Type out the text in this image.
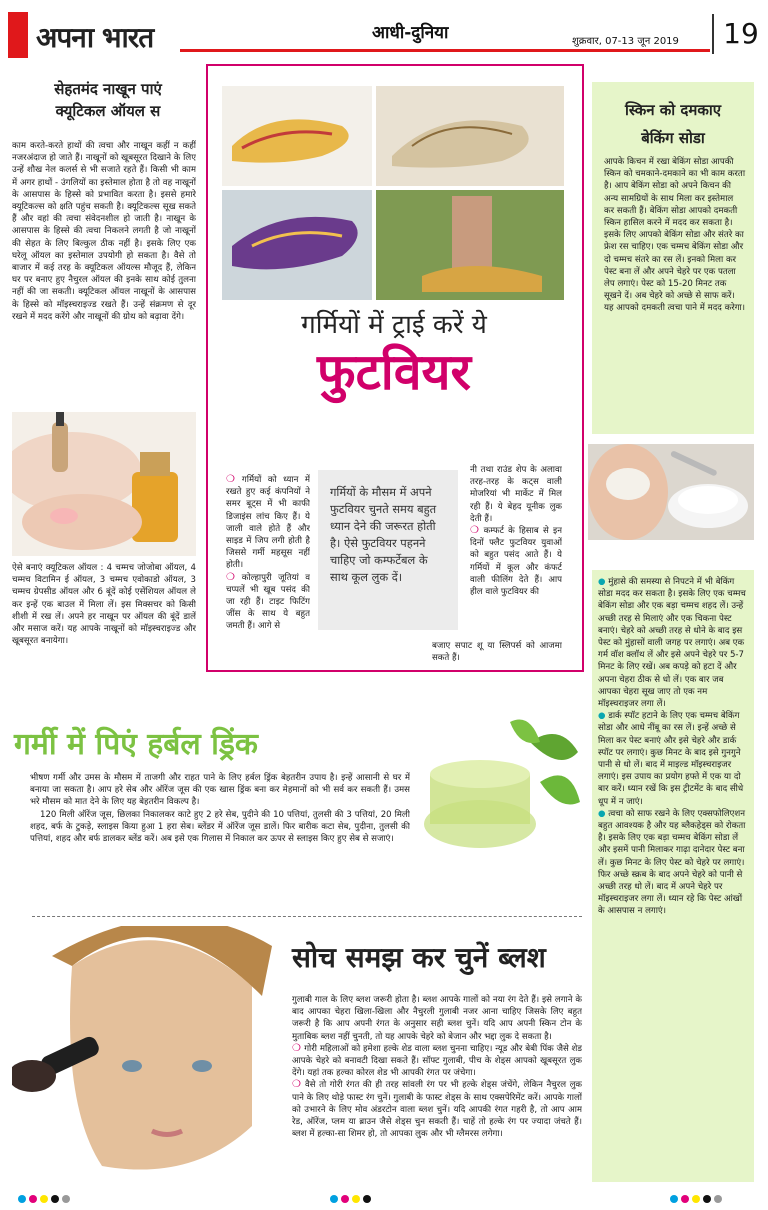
अपना भारत	आधी-दुनिया	शुक्रवार, 07-13 जून 2019	19
सेहतमंद नाखून पाएं
क्यूटिकल ऑयल स
काम करते-करते हाथों की त्वचा और नाखून कहीं न कहीं नजरअंदाज हो जाते हैं। नाखूनों को खूबसूरत दिखाने के लिए उन्हें शौख नेल कलर्स से भी सजाते रहते हैं। किसी भी काम में अगर हाथों - उंगलियों का इस्तेमाल होता है तो वह नाखूनों के आसपास के हिस्से को प्रभावित करता है। इससे हमारे क्यूटिकल्स को क्षति पहुंच सकती है। क्यूटिकल्स सूख सकते हैं और वहां की त्वचा संवेदनशील हो जाती है। नाखून के आसपास के हिस्से की त्वचा निकलने लगती है जो नाखूनों की सेहत के लिए बिल्कुल ठीक नहीं है। इसके लिए एक घरेलू ऑयल का इस्तेमाल उपयोगी हो सकता है। वैसे तो बाजार में कई तरह के क्यूटिकल ऑयल्स मौजूद हैं, लेकिन घर पर बनाए हुए नैचुरल ऑयल की इनके साथ कोई तुलना नहीं की जा सकती। क्यूटिकल ऑयल नाखूनों के आसपास के हिस्से को मॉइस्चराइज्ड रखते हैं। उन्हें संक्रमण से दूर रखने में मदद करेंगे और नाखूनों की ग्रोथ को बढ़ावा देंगे।
ऐसे बनाएं क्यूटिकल ऑयल : 4 चम्मच जोजोबा ऑयल, 4 चम्मच विटामिन ई ऑयल, 3 चम्मच एवोकाडो ऑयल, 3 चम्मच ग्रेपसीड ऑयल और 6 बूंदें कोई एसेंशियल ऑयल ले कर इन्हें एक बाउल में मिला लें। इस मिक्सचर को किसी शीशी में रख लें। अपने हर नाखून पर ऑयल की बूंदें डालें और मसाज करें। यह आपके नाखूनों को मॉइस्चराइज्ड और खूबसूरत बनायेगा।
गर्मियों में ट्राई करें ये
फुटवियर

❍ गर्मियों को ध्यान में रखते हुए कई कंपनियों ने समर बूट्स में भी काफी डिजाइंस लांच किए हैं। ये जाली वाले होते हैं और साइड में जिप लगी होती है जिससे गर्मी महसूस नहीं होती।

❍ कोल्हापुरी जूतियां व चप्पलें भी खूब पसंद की जा रही हैं। टाइट फिटिंग जींस के साथ ये बहुत जमती हैं। आगे से

गर्मियों के मौसम में अपने फुटवियर चुनते समय बहुत ध्यान देने की जरूरत होती है। ऐसे फुटवियर पहनने चाहिए जो कम्फर्टेबल के साथ कूल लुक दें।
बजाए सपाट शू या स्लिपर्स को आजमा सकते हैं।

नी तथा राउंड शेप के अलावा तरह-तरह के कट्स वाली मोजरियां भी मार्केट में मिल रही हैं। ये बेहद यूनीक लुक देती हैं।

❍ कम्फर्ट के हिसाब से इन दिनों फ्लैट फुटवियर युवाओं को बहुत पसंद आते हैं। ये गर्मियों में कूल और कंफर्ट वाली फीलिंग देते हैं। आप हील वाले फुटवियर की

स्किन को दमकाए
बेकिंग सोडा
आपके किचन में रखा बेकिंग सोडा आपकी स्किन को चमकाने-दमकाने का भी काम करता है। आप बेकिंग सोडा को अपने किचन की अन्य सामग्रियों के साथ मिला कर इस्तेमाल कर सकती हैं। बेकिंग सोडा आपको दमकती स्किन हासिल करने में मदद कर सकता है। इसके लिए आपको बेकिंग सोडा और संतरे का फ्रेश रस चाहिए। एक चम्मच बेकिंग सोडा और दो चम्मच संतरे का रस लें। इनको मिला कर पेस्ट बना लें और अपने चेहरे पर एक पतला लेप लगाएं। पेस्ट को 15-20 मिनट तक सूखने दें। अब चेहरे को अच्छे से साफ करें। यह आपको दमकती त्वचा पाने में मदद करेगा।

● मुंहासे की समस्या से निपटने में भी बेकिंग सोडा मदद कर सकता है। इसके लिए एक चम्मच बेकिंग सोडा और एक बड़ा चम्मच शहद लें। उन्हें अच्छी तरह से मिलाएं और एक चिकना पेस्ट बनाएं। चेहरे को अच्छी तरह से धोने के बाद इस पेस्ट को मुंहासों वाली जगह पर लगाएं। अब एक गर्म वॉश क्लॉथ लें और इसे अपने चेहरे पर 5-7 मिनट के लिए रखें। अब कपड़े को हटा दें और अपना चेहरा ठीक से धो लें। एक बार जब आपका चेहरा सूख जाए तो एक नम मॉइस्चराइजर लगा लें।

● डार्क स्पॉट हटाने के लिए एक चम्मच बेकिंग सोडा और आधे नींबू का रस लें। इन्हें अच्छे से मिला कर पेस्ट बनाएं और इसे चेहरे और डार्क स्पॉट पर लगाएं। कुछ मिनट के बाद इसे गुनगुने पानी से धो लें। बाद में माइल्ड मॉइस्चराइजर लगाएं। इस उपाय का प्रयोग हफ्ते में एक या दो बार करें। ध्यान रखें कि इस ट्रीटमेंट के बाद सीधे धूप में न जाएं।

● त्वचा को साफ रखने के लिए एक्सफोलिएशन बहुत आवश्यक है और यह ब्लैकहेड्स को रोकता है। इसके लिए एक बड़ा चम्मच बेकिंग सोडा लें और इसमें पानी मिलाकर गाढ़ा दानेदार पेस्ट बना लें। कुछ मिनट के लिए पेस्ट को चेहरे पर लगाएं। फिर अच्छे स्क्रब के बाद अपने चेहरे को पानी से अच्छी तरह धो लें। बाद में अपने चेहरे पर मॉइस्चराइजर लगा लें। ध्यान रहे कि पेस्ट आंखों के आसपास न लगाएं।

गर्मी में पिएं हर्बल ड्रिंक

भीषण गर्मी और उमस के मौसम में ताजगी और राहत पाने के लिए हर्बल ड्रिंक बेहतरीन उपाय है। इन्हें आसानी से घर में बनाया जा सकता है। आप हरे सेब और ऑरेंज जूस की एक खास ड्रिंक बना कर मेहमानों को भी सर्व कर सकती हैं। उमस भरे मौसम को मात देने के लिए यह बेहतरीन विकल्प है।

120 मिली ऑरेंज जूस, छिलका निकालकर काटे हुए 2 हरे सेब, पुदीने की 10 पत्तियां, तुलसी की 3 पत्तियां, 20 मिली शहद, बर्फ के टुकड़े, स्लाइस किया हुआ 1 हरा सेब। ब्लेंडर में ऑरेंज जूस डालें। फिर बारीक कटा सेब, पुदीना, तुलसी की पत्तियां, शहद और बर्फ डालकर ब्लेंड करें। अब इसे एक गिलास में निकाल कर ऊपर से स्लाइस किए हुए सेब से सजाएं।

सोच समझ कर चुनें ब्लश

गुलाबी गाल के लिए ब्लश जरूरी होता है। ब्लश आपके गालों को नया रंग देते हैं। इसे लगाने के बाद आपका चेहरा खिला-खिला और नैचुरली गुलाबी नजर आना चाहिए जिसके लिए बहुत जरूरी है कि आप अपनी रंगत के अनुसार सही ब्लश चुनें। यदि आप अपनी स्किन टोन के मुताबिक ब्लश नहीं चुनती, तो यह आपके चेहरे को बेजान और भद्दा लुक दे सकता है।

❍ गोरी महिलाओं को हमेशा हल्के शेड वाला ब्लश चुनना चाहिए। न्यूड और बेबी पिंक जैसे शेड आपके चेहरे को बनावटी दिखा सकते हैं। सॉफ्ट गुलाबी, पीच के शेड्स आपको खूबसूरत लुक देंगे। यहां तक हल्का कोरल शेड भी आपकी रंगत पर जंचेगा।

❍ वैसे तो गोरी रंगत की ही तरह सांवली रंग पर भी हल्के शेड्स जंचेंगे, लेकिन नैचुरल लुक पाने के लिए थोड़े फास्ट रंग चुनें। गुलाबी के फास्ट शेड्स के साथ एक्सपेरिमेंट करें। आपके गालों को उभारने के लिए मोव अंडरटोन वाला ब्लश चुनें। यदि आपकी रंगत गहरी है, तो आप आम रेड, ऑरेंज, प्लम या ब्राउन जैसे शेड्स चुन सकती हैं। चाहें तो हल्के रंग पर ज्यादा जंचते हैं। ब्लश में हल्का-सा शिमर हो, तो आपका लुक और भी ग्लैमरस लगेगा।
